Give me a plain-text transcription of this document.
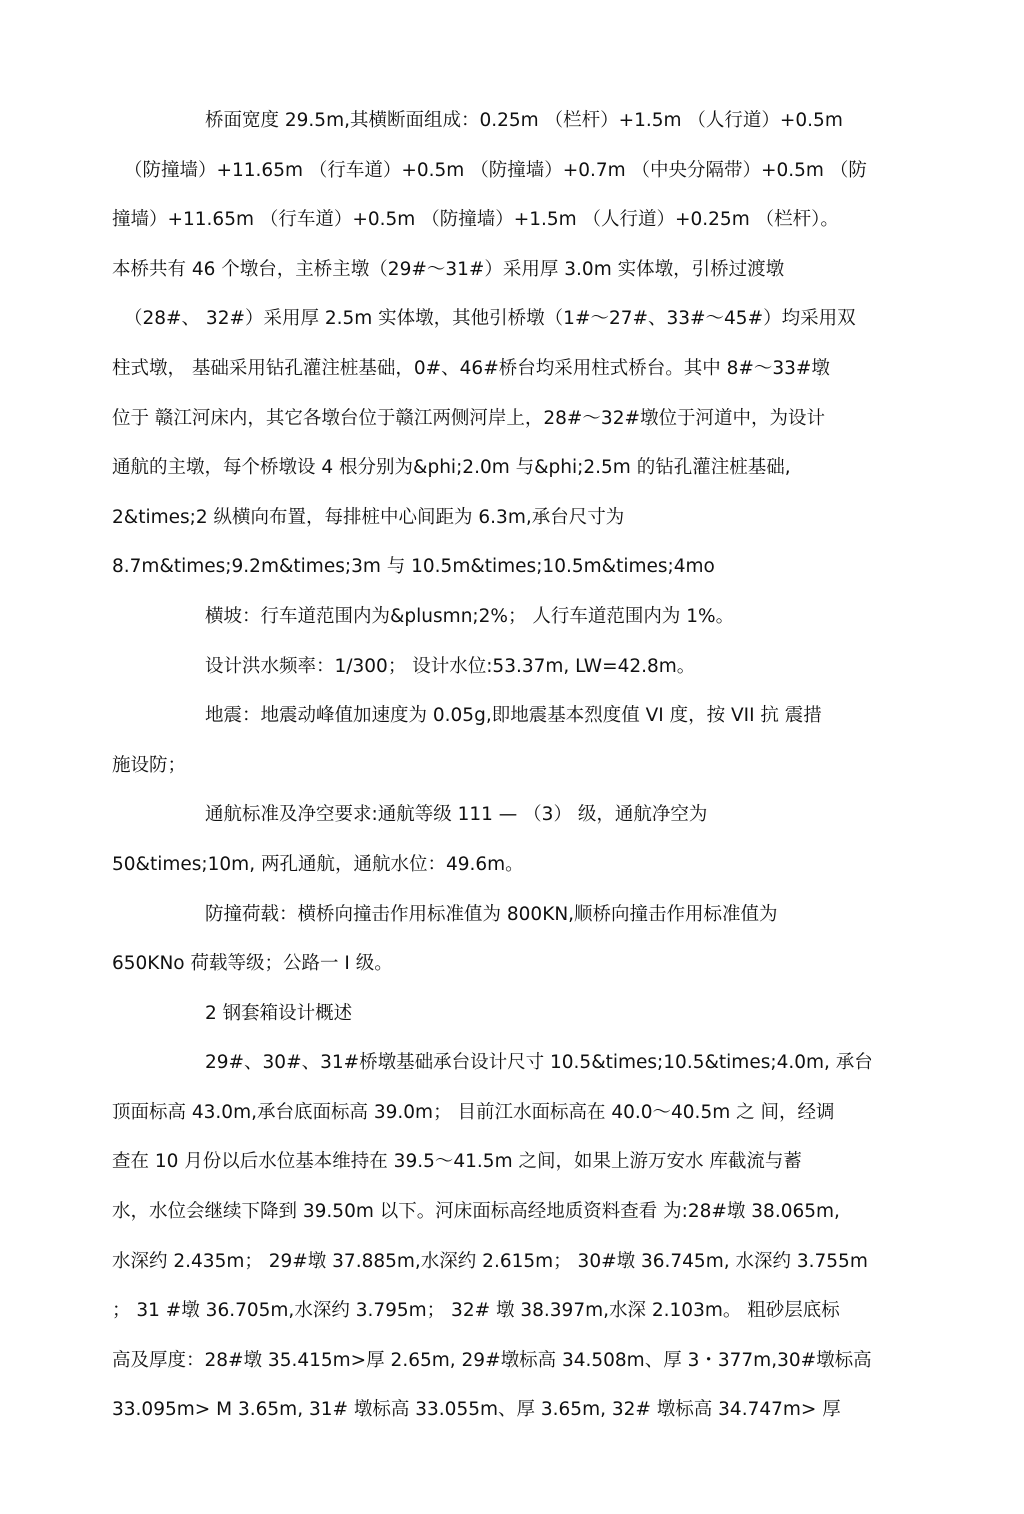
桥面宽度 29.5m,其横断面组成：0.25m （栏杆）+1.5m （人行道）+0.5m
（防撞墙）+11.65m （行车道）+0.5m （防撞墙）+0.7m （中央分隔带）+0.5m （防
撞墙）+11.65m （行车道）+0.5m （防撞墙）+1.5m （人行道）+0.25m （栏杆）。
本桥共有 46 个墩台，主桥主墩（29#～31#）采用厚 3.0m 实体墩，引桥过渡墩
（28#、 32#）采用厚 2.5m 实体墩，其他引桥墩（1#～27#、33#～45#）均采用双
柱式墩， 基础采用钻孔灌注桩基础，0#、46#桥台均采用柱式桥台。其中 8#～33#墩
位于 赣江河床内，其它各墩台位于赣江两侧河岸上，28#～32#墩位于河道中，为设计
通航的主墩，每个桥墩设 4 根分别为&phi;2.0m 与&phi;2.5m 的钻孔灌注桩基础,
2&times;2 纵横向布置，每排桩中心间距为 6.3m,承台尺寸为
8.7m&times;9.2m&times;3m 与 10.5m&times;10.5m&times;4mo
横坡：行车道范围内为&plusmn;2%； 人行车道范围内为 1%。
设计洪水频率：1/300； 设计水位:53.37m, LW=42.8m。
地震：地震动峰值加速度为 0.05g,即地震基本烈度值 VI 度，按 VII 抗 震措
施设防；
通航标准及净空要求:通航等级 111 — （3） 级，通航净空为
50&times;10m, 两孔通航，通航水位：49.6m。
防撞荷载：横桥向撞击作用标准值为 800KN,顺桥向撞击作用标准值为
650KNo 荷载等级；公路一 I 级。
2 钢套箱设计概述
29#、30#、31#桥墩基础承台设计尺寸 10.5&times;10.5&times;4.0m, 承台
顶面标高 43.0m,承台底面标高 39.0m； 目前江水面标高在 40.0～40.5m 之 间，经调
查在 10 月份以后水位基本维持在 39.5～41.5m 之间，如果上游万安水 库截流与蓄
水，水位会继续下降到 39.50m 以下。河床面标高经地质资料查看 为:28#墩 38.065m,
水深约 2.435m； 29#墩 37.885m,水深约 2.615m； 30#墩 36.745m, 水深约 3.755m
； 31 #墩 36.705m,水深约 3.795m； 32# 墩 38.397m,水深 2.103m。 粗砂层底标
高及厚度：28#墩 35.415m>厚 2.65m, 29#墩标高 34.508m、厚 3・377m,30#墩标高
33.095m> M 3.65m, 31# 墩标高 33.055m、厚 3.65m, 32# 墩标高 34.747m> 厚
